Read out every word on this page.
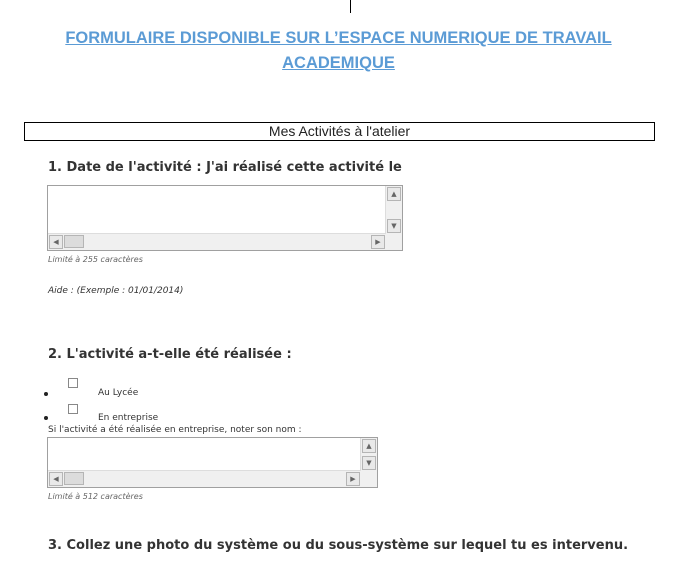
FORMULAIRE DISPONIBLE SUR L’ESPACE NUMERIQUE DE TRAVAIL
ACADEMIQUE
Mes Activités à l'atelier
1. Date de l'activité : J'ai réalisé cette activité le
▲
▼
◀	▶
Limité à 255 caractères
Aide : (Exemple : 01/01/2014)
2. L'activité a-t-elle été réalisée :
Au Lycée
En entreprise
Si l'activité a été réalisée en entreprise, noter son nom :
▲
▼
◀	▶
Limité à 512 caractères
3. Collez une photo du système ou du sous-système sur lequel tu es intervenu.
